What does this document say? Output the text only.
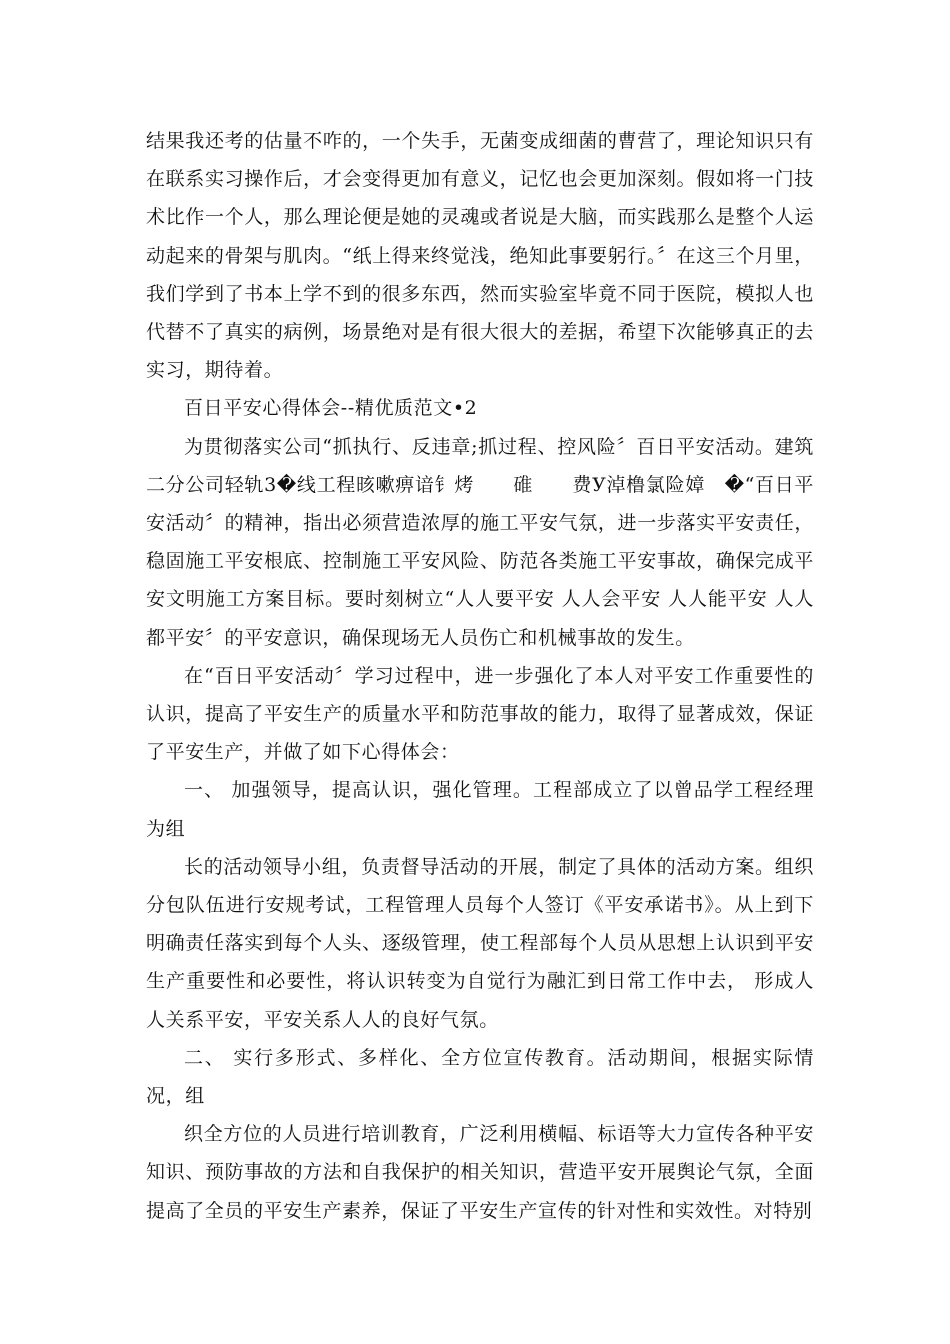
结果我还考的估量不咋的，一个失手，无菌变成细菌的曹营了，理论知识只有在联系实习操作后，才会变得更加有意义，记忆也会更加深刻。假如将一门技术比作一个人，那么理论便是她的灵魂或者说是大脑，而实践那么是整个人运动起来的骨架与肌肉。“纸上得来终觉浅，绝知此事要躬行。〞在这三个月里，我们学到了书本上学不到的很多东西，然而实验室毕竟不同于医院，模拟人也代替不了真实的病例，场景绝对是有很大很大的差据，希望下次能够真正的去实习，期待着。

百日平安心得体会--精优质范文•2

为贯彻落实公司“抓执行、反违章;抓过程、控风险〞百日平安活动。建筑二分公司轻轨3�线工程晐嗽痹谙钅烤　　碓　　费У淖橹氯险嫜　�“百日平安活动〞的精神，指出必须营造浓厚的施工平安气氛，进一步落实平安责任，稳固施工平安根底、控制施工平安风险、防范各类施工平安事故，确保完成平安文明施工方案目标。要时刻树立“人人要平安 人人会平安 人人能平安 人人都平安〞的平安意识，确保现场无人员伤亡和机械事故的发生。

在“百日平安活动〞学习过程中，进一步强化了本人对平安工作重要性的认识，提高了平安生产的质量水平和防范事故的能力，取得了显著成效，保证了平安生产，并做了如下心得体会：

一、 加强领导，提高认识，强化管理。工程部成立了以曾品学工程经理为组

长的活动领导小组，负责督导活动的开展，制定了具体的活动方案。组织分包队伍进行安规考试，工程管理人员每个人签订《平安承诺书》。从上到下明确责任落实到每个人头、逐级管理，使工程部每个人员从思想上认识到平安生产重要性和必要性，将认识转变为自觉行为融汇到日常工作中去， 形成人人关系平安，平安关系人人的良好气氛。

二、 实行多形式、多样化、全方位宣传教育。活动期间，根据实际情况，组

织全方位的人员进行培训教育，广泛利用横幅、标语等大力宣传各种平安知识、预防事故的方法和自我保护的相关知识，营造平安开展舆论气氛，全面提高了全员的平安生产素养，保证了平安生产宣传的针对性和实效性。对特别
